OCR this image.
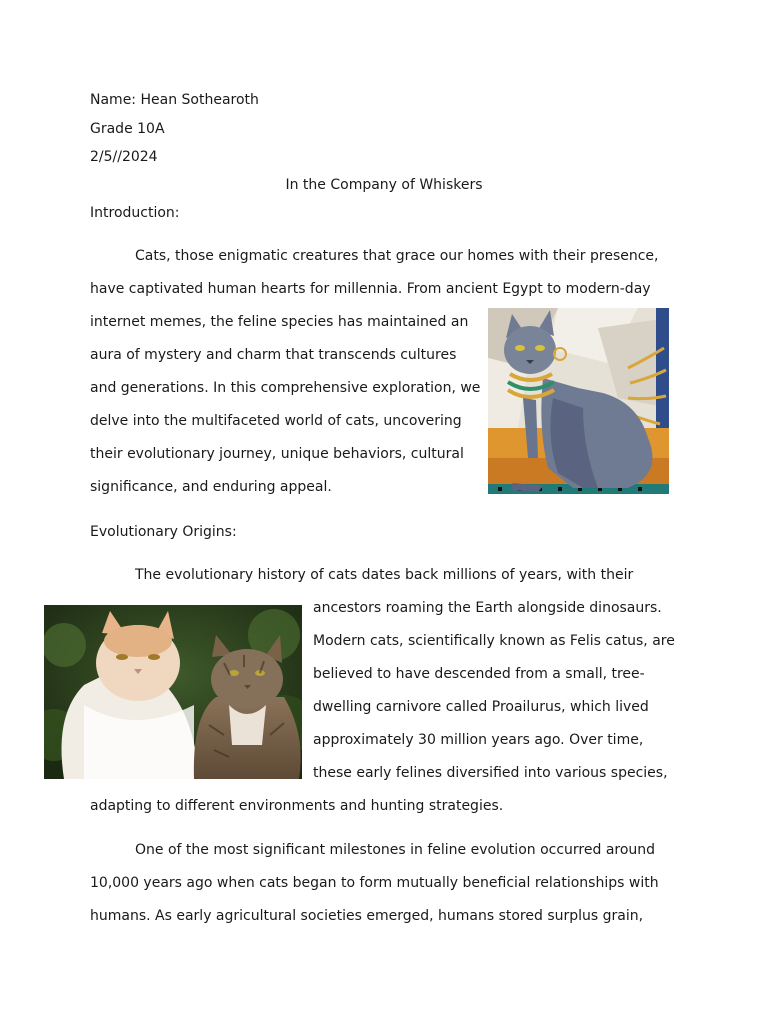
Name: Hean Sothearoth
Grade 10A
2/5//2024
In the Company of Whiskers
Introduction:
Cats, those enigmatic creatures that grace our homes with their presence,
have captivated human hearts for millennia. From ancient Egypt to modern-day
internet memes, the feline species has maintained an
aura of mystery and charm that transcends cultures
and generations. In this comprehensive exploration, we
delve into the multifaceted world of cats, uncovering
their evolutionary journey, unique behaviors, cultural
significance, and enduring appeal.
Evolutionary Origins:
The evolutionary history of cats dates back millions of years, with their
ancestors roaming the Earth alongside dinosaurs.
Modern cats, scientifically known as Felis catus, are
believed to have descended from a small, tree-
dwelling carnivore called Proailurus, which lived
approximately 30 million years ago. Over time,
these early felines diversified into various species,
adapting to different environments and hunting strategies.
One of the most significant milestones in feline evolution occurred around
10,000 years ago when cats began to form mutually beneficial relationships with
humans. As early agricultural societies emerged, humans stored surplus grain,
